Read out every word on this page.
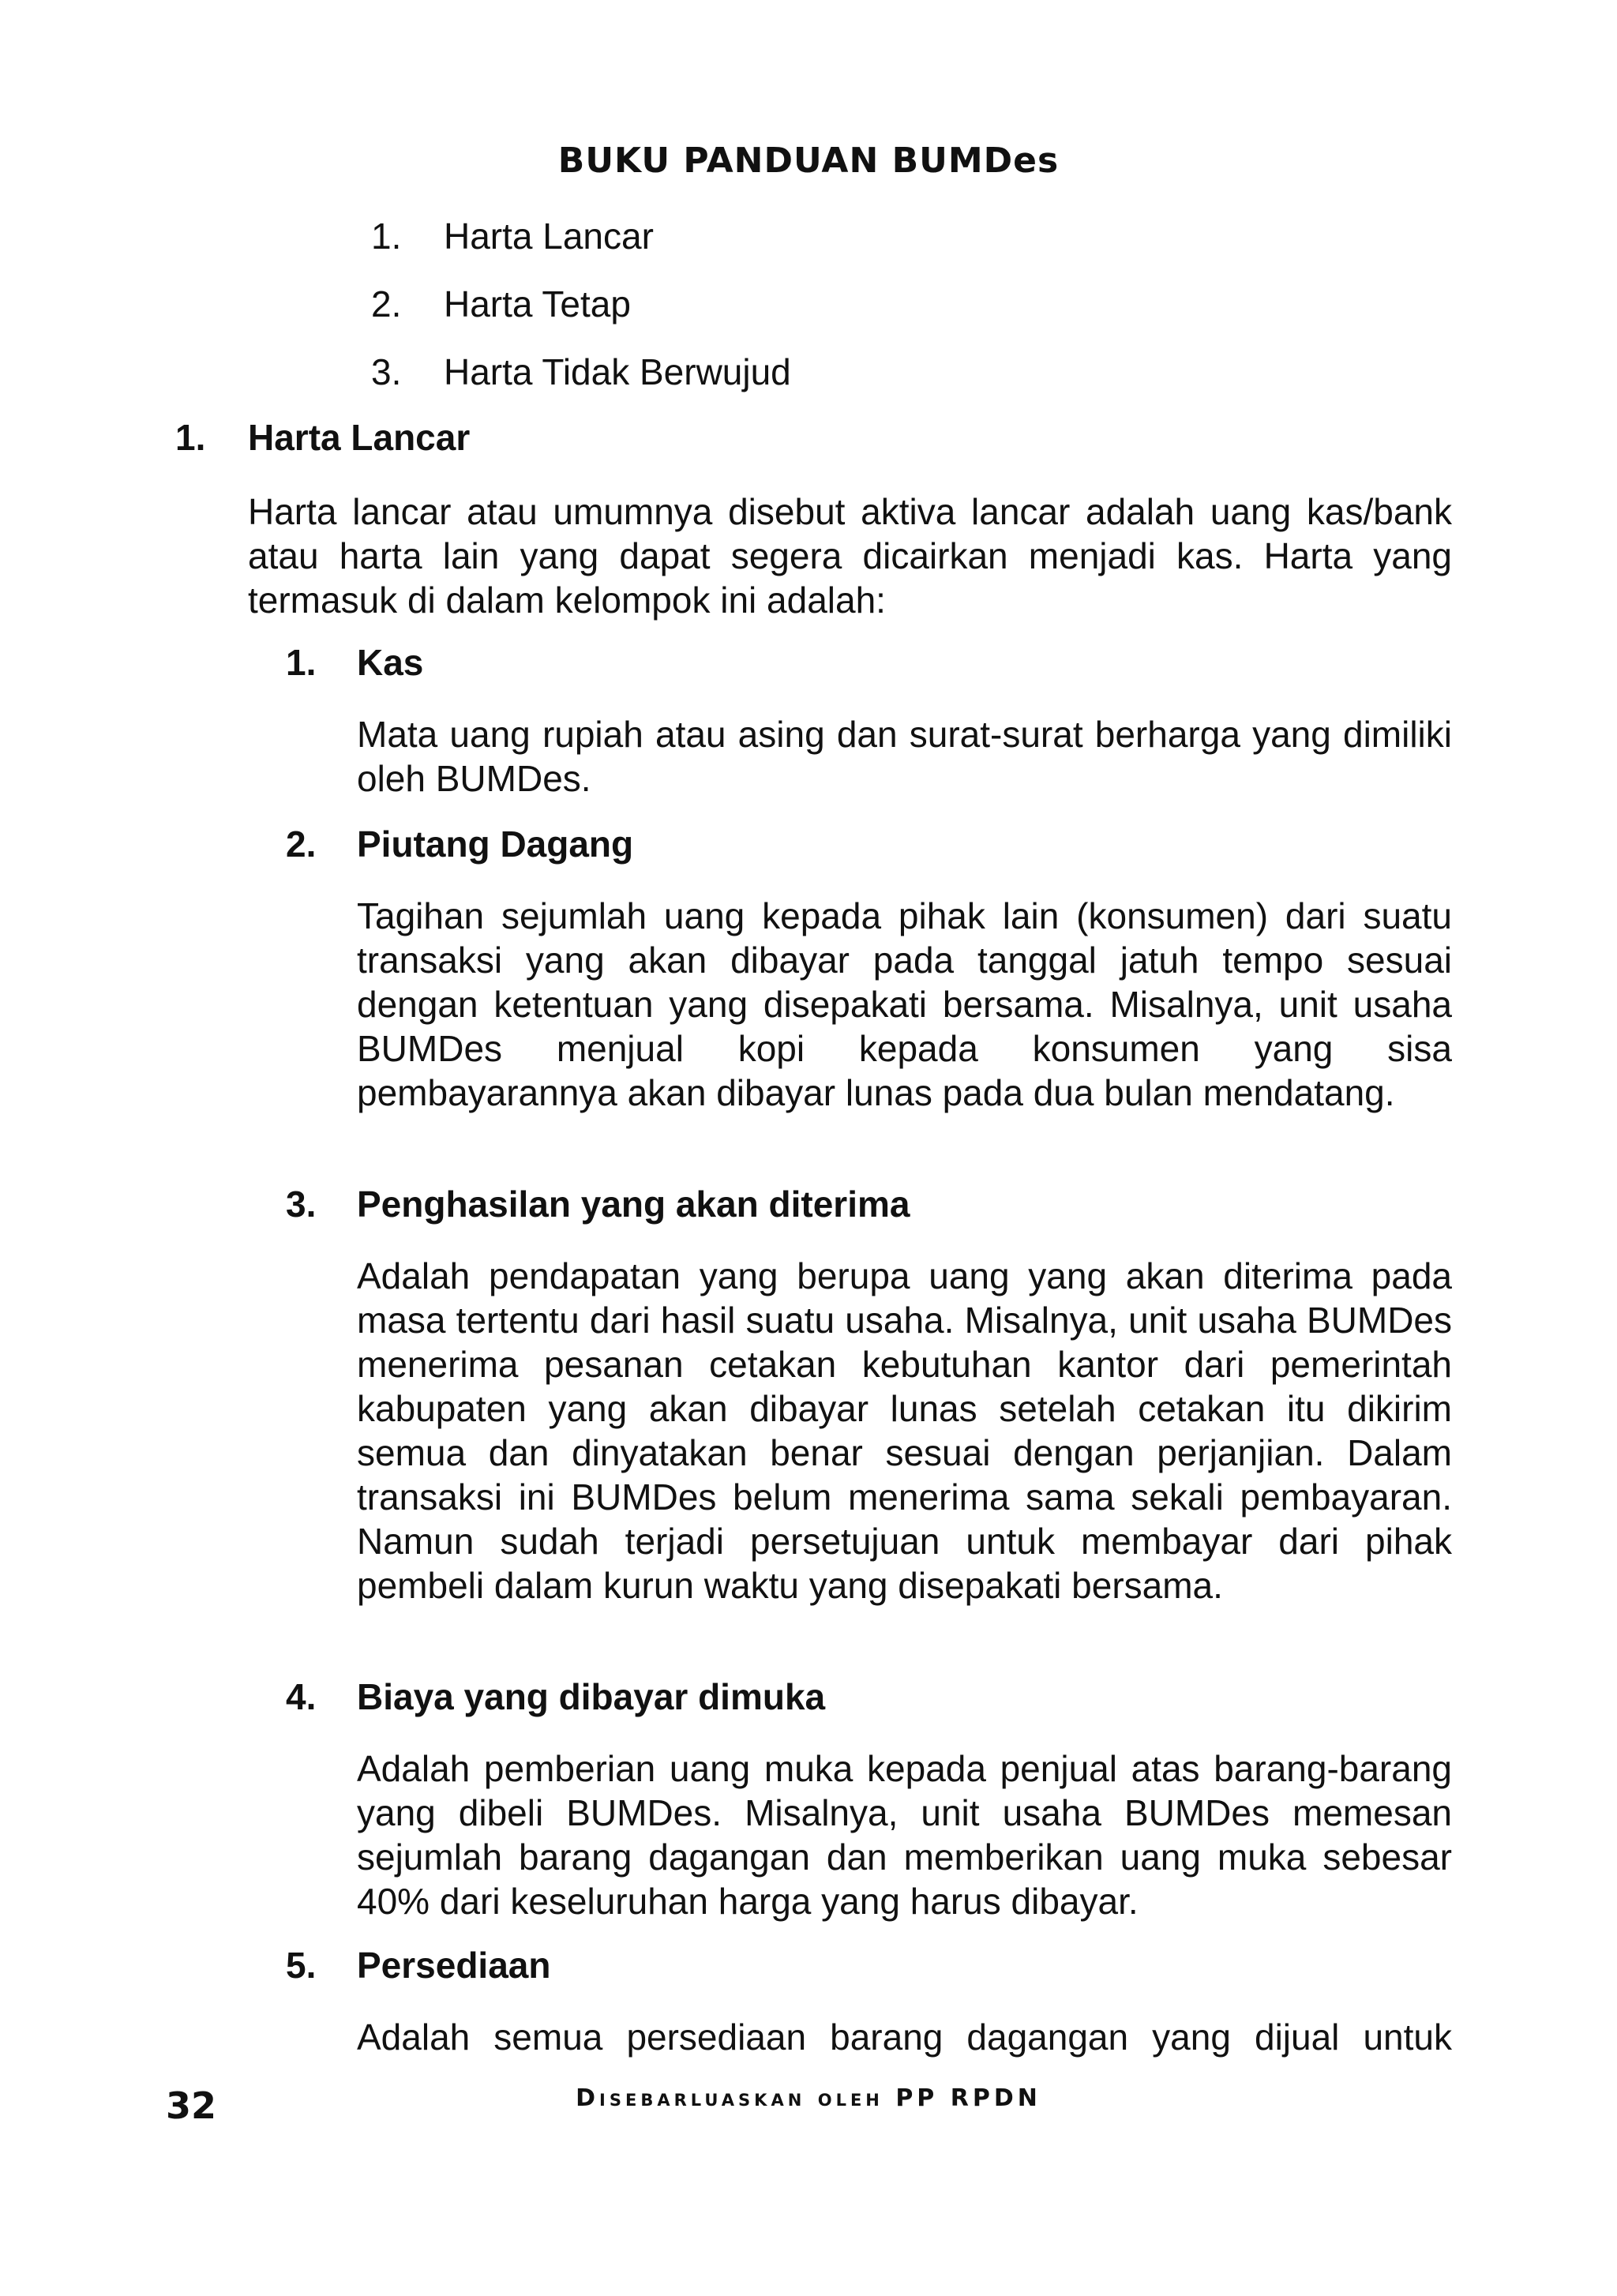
BUKU PANDUAN BUMDes
1.	Harta Lancar
2.	Harta Tetap
3.	Harta Tidak Berwujud
1.	Harta Lancar
Harta lancar atau umumnya disebut aktiva lancar adalah uang kas/bank atau harta lain yang dapat segera dicairkan menjadi kas. Harta yang termasuk di dalam kelompok ini adalah:
1.	Kas
Mata uang rupiah atau asing dan surat-surat berharga yang dimiliki oleh BUMDes.
2.	Piutang Dagang
Tagihan sejumlah uang kepada pihak lain (konsumen) dari suatu transaksi yang akan dibayar pada tanggal jatuh tempo sesuai dengan ketentuan yang disepakati bersama. Misalnya, unit usaha BUMDes menjual kopi kepada konsumen yang sisa pembayarannya akan dibayar lunas pada dua bulan mendatang.
3.	Penghasilan yang akan diterima
Adalah pendapatan yang berupa uang yang akan diterima pada masa tertentu dari hasil suatu usaha. Misalnya, unit usaha BUMDes menerima pesanan cetakan kebutuhan kantor dari pemerintah kabupaten yang akan dibayar lunas setelah cetakan itu dikirim semua dan dinyatakan benar sesuai dengan perjanjian. Dalam transaksi ini BUMDes belum menerima sama sekali pembayaran. Namun sudah terjadi persetujuan untuk membayar dari pihak pembeli dalam kurun waktu yang disepakati bersama.
4.	Biaya yang dibayar dimuka
Adalah pemberian uang muka kepada penjual atas barang-barang yang dibeli BUMDes. Misalnya, unit usaha BUMDes memesan sejumlah barang dagangan dan memberikan uang muka sebesar 40% dari keseluruhan harga yang harus dibayar.
5.	Persediaan
Adalah semua persediaan barang dagangan yang dijual untuk
32	Disebarluaskan oleh PP RPDN
